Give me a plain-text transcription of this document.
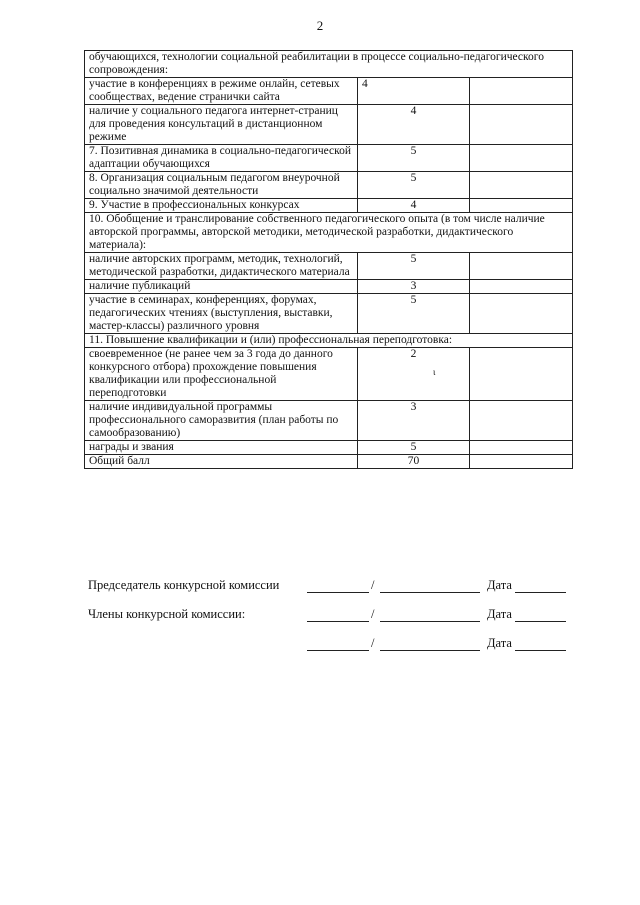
2
обучающихся, технологии социальной реабилитации в процессе социально-педагогического сопровождения:		
участие в конференциях в режиме онлайн, сетевых сообществах, ведение странички сайта	4	
наличие у социального педагога интернет-страниц для проведения консультаций в дистанционном режиме	4	
7. Позитивная динамика в социально-педагогической адаптации обучающихся	5	
8. Организация социальным педагогом внеурочной социально значимой деятельности	5	
9. Участие в профессиональных конкурсах	4	
10. Обобщение и транслирование собственного педагогического опыта (в том числе наличие авторской программы, авторской методики, методической разработки, дидактического материала):		
наличие авторских программ, методик, технологий, методической разработки, дидактического материала	5	
наличие публикаций	3	
участие в семинарах, конференциях, форумах, педагогических чтениях (выступления, выставки, мастер-классы) различного уровня	5	
11. Повышение квалификации и (или) профессиональная переподготовка:		
своевременное (не ранее чем за 3 года до данного конкурсного отбора) прохождение повышения квалификации или профессиональной переподготовки	2	
наличие индивидуальной программы профессионального саморазвития (план работы по самообразованию)	3	
награды и звания	5	
Общий балл	70	
ι
Председатель конкурсной комиссии	/	Дата
Члены конкурсной комиссии:	/	Дата
/	Дата
